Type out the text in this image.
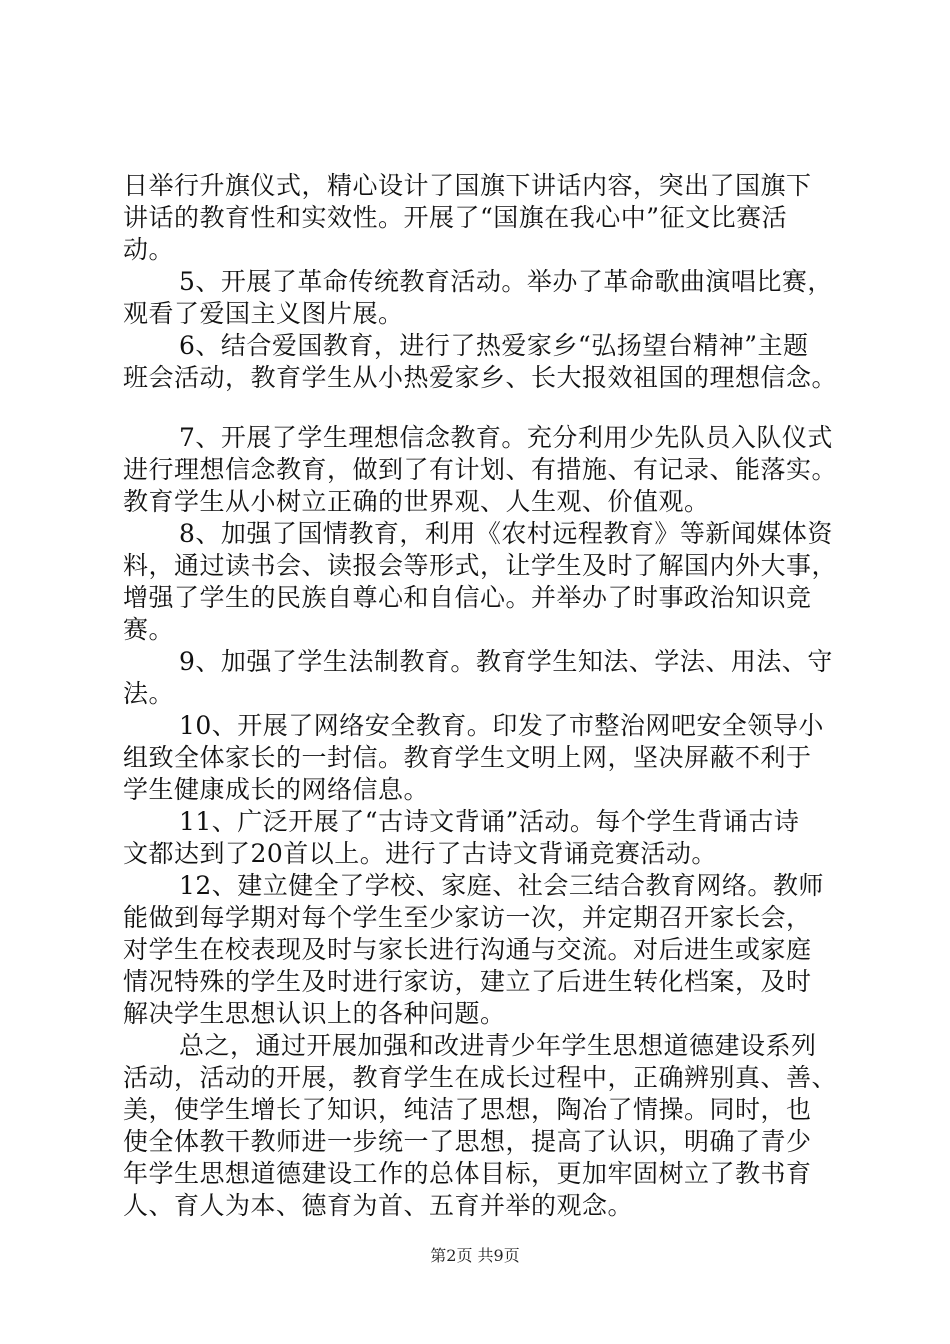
日举行升旗仪式，精心设计了国旗下讲话内容，突出了国旗下
讲话的教育性和实效性。开展了“国旗在我心中”征文比赛活
动。
5、开展了革命传统教育活动。举办了革命歌曲演唱比赛，
观看了爱国主义图片展。
6、结合爱国教育，进行了热爱家乡“弘扬望台精神”主题
班会活动，教育学生从小热爱家乡、长大报效祖国的理想信念。
7、开展了学生理想信念教育。充分利用少先队员入队仪式
进行理想信念教育，做到了有计划、有措施、有记录、能落实。
教育学生从小树立正确的世界观、人生观、价值观。
8、加强了国情教育，利用《农村远程教育》等新闻媒体资
料，通过读书会、读报会等形式，让学生及时了解国内外大事，
增强了学生的民族自尊心和自信心。并举办了时事政治知识竞
赛。
9、加强了学生法制教育。教育学生知法、学法、用法、守
法。
10、开展了网络安全教育。印发了市整治网吧安全领导小
组致全体家长的一封信。教育学生文明上网，坚决屏蔽不利于
学生健康成长的网络信息。
11、广泛开展了“古诗文背诵”活动。每个学生背诵古诗
文都达到了20首以上。进行了古诗文背诵竞赛活动。
12、建立健全了学校、家庭、社会三结合教育网络。教师
能做到每学期对每个学生至少家访一次，并定期召开家长会，
对学生在校表现及时与家长进行沟通与交流。对后进生或家庭
情况特殊的学生及时进行家访，建立了后进生转化档案，及时
解决学生思想认识上的各种问题。
总之，通过开展加强和改进青少年学生思想道德建设系列
活动，活动的开展，教育学生在成长过程中，正确辨别真、善、
美，使学生增长了知识，纯洁了思想，陶冶了情操。同时，也
使全体教干教师进一步统一了思想，提高了认识，明确了青少
年学生思想道德建设工作的总体目标，更加牢固树立了教书育
人、育人为本、德育为首、五育并举的观念。
第2页 共9页
